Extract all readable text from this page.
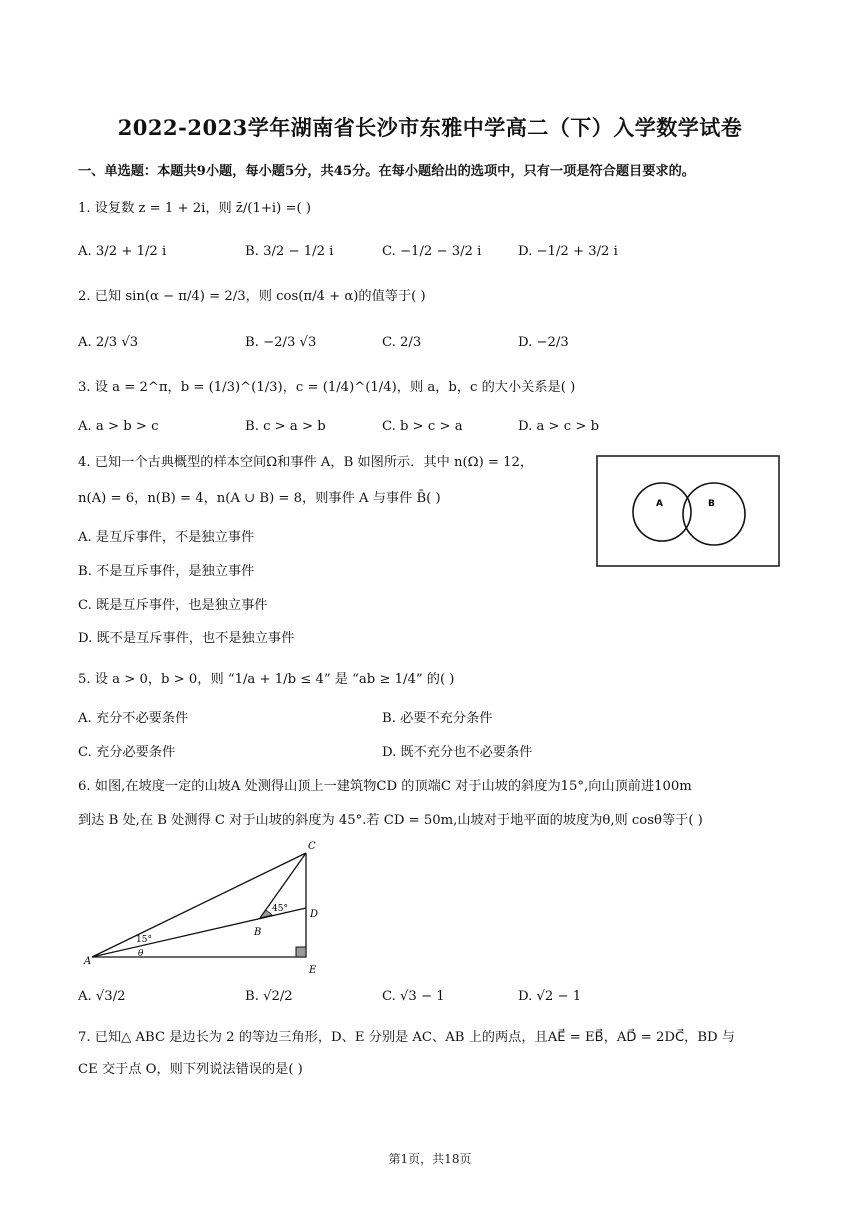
2022-2023学年湖南省长沙市东雅中学高二（下）入学数学试卷
一、单选题：本题共9小题，每小题5分，共45分。在每小题给出的选项中，只有一项是符合题目要求的。
1. 设复数 z = 1 + 2i，则 z̄/(1+i) =( )
A. 3/2 + 1/2 i	B. 3/2 − 1/2 i	C. −1/2 − 3/2 i	D. −1/2 + 3/2 i
2. 已知 sin(α − π/4) = 2/3，则 cos(π/4 + α)的值等于( )
A. 2/3 √3	B. −2/3 √3	C. 2/3	D. −2/3
3. 设 a = 2^π，b = (1/3)^(1/3)，c = (1/4)^(1/4)，则 a，b，c 的大小关系是( )
A. a > b > c	B. c > a > b	C. b > c > a	D. a > c > b
4. 已知一个古典概型的样本空间Ω和事件 A，B 如图所示．其中 n(Ω) = 12，
n(A) = 6，n(B) = 4，n(A ∪ B) = 8，则事件 A 与事件 B̄( )
A. 是互斥事件，不是独立事件
B. 不是互斥事件，是独立事件
C. 既是互斥事件，也是独立事件
D. 既不是互斥事件，也不是独立事件
A	B
5. 设 a > 0，b > 0，则 “1/a + 1/b ≤ 4” 是 “ab ≥ 1/4” 的( )
A. 充分不必要条件	B. 必要不充分条件
C. 充分必要条件	D. 既不充分也不必要条件
6. 如图,在坡度一定的山坡A 处测得山顶上一建筑物CD 的顶端C 对于山坡的斜度为15°,向山顶前进100m
到达 B 处,在 B 处测得 C 对于山坡的斜度为 45°.若 CD = 50m,山坡对于地平面的坡度为θ,则 cosθ等于( )
A
B
C
D
E
15°
45°
θ
A. √3/2	B. √2/2	C. √3 − 1	D. √2 − 1
7. 已知△ ABC 是边长为 2 的等边三角形，D、E 分别是 AC、AB 上的两点，且AE⃗ = EB⃗，AD⃗ = 2DC⃗，BD 与
CE 交于点 O，则下列说法错误的是( )
第1页，共18页
